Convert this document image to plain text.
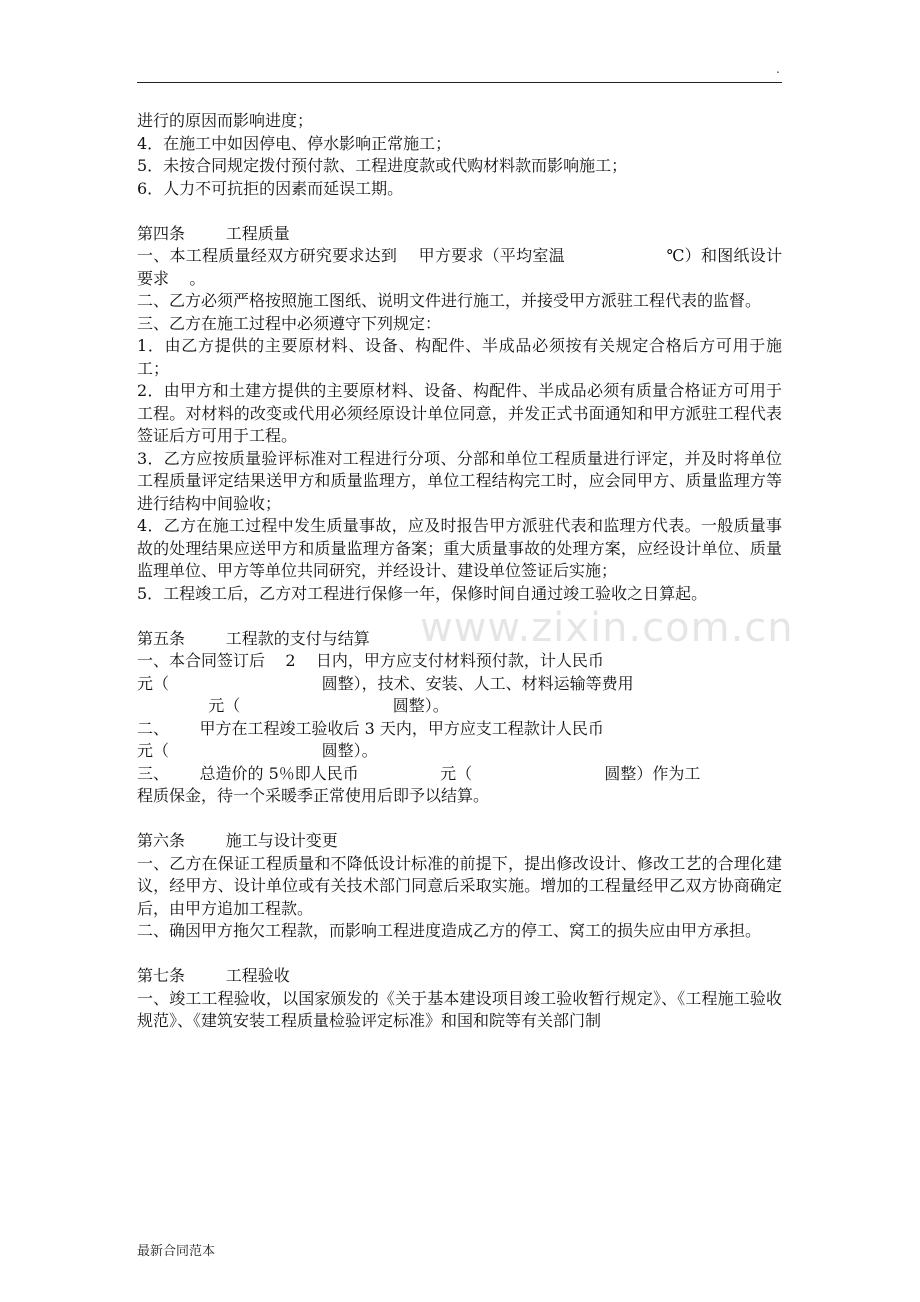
.

进行的原因而影响进度；

4．在施工中如因停电、停水影响正常施工；

5．未按合同规定拨付预付款、工程进度款或代购材料款而影响施工；

6．人力不可抗拒的因素而延误工期。

第四条        工程质量

一、本工程质量经双方研究要求达到    甲方要求（平均室温                   ℃）和图纸设计要求    。

二、乙方必须严格按照施工图纸、说明文件进行施工，并接受甲方派驻工程代表的监督。

三、乙方在施工过程中必须遵守下列规定：

1．由乙方提供的主要原材料、设备、构配件、半成品必须按有关规定合格后方可用于施工；

2．由甲方和土建方提供的主要原材料、设备、构配件、半成品必须有质量合格证方可用于工程。对材料的改变或代用必须经原设计单位同意，并发正式书面通知和甲方派驻工程代表签证后方可用于工程。

3．乙方应按质量验评标准对工程进行分项、分部和单位工程质量进行评定，并及时将单位工程质量评定结果送甲方和质量监理方，单位工程结构完工时，应会同甲方、质量监理方等进行结构中间验收；

4．乙方在施工过程中发生质量事故，应及时报告甲方派驻代表和监理方代表。一般质量事故的处理结果应送甲方和质量监理方备案；重大质量事故的处理方案，应经设计单位、质量监理单位、甲方等单位共同研究，并经设计、建设单位签证后实施；

5．工程竣工后，乙方对工程进行保修一年，保修时间自通过竣工验收之日算起。

第五条        工程款的支付与结算

一、本合同签订后    2    日内，甲方应支付材料预付款，计人民币

元（                              圆整），技术、安装、人工、材料运输等费用

元（                              圆整）。

二、      甲方在工程竣工验收后 3 天内，甲方应支工程款计人民币

元（                              圆整）。

三、      总造价的 5％即人民币                元（                          圆整）作为工

程质保金，待一个采暖季正常使用后即予以结算。

第六条        施工与设计变更

一、乙方在保证工程质量和不降低设计标准的前提下，提出修改设计、修改工艺的合理化建议，经甲方、设计单位或有关技术部门同意后采取实施。增加的工程量经甲乙双方协商确定后，由甲方追加工程款。

二、确因甲方拖欠工程款，而影响工程进度造成乙方的停工、窝工的损失应由甲方承担。

第七条        工程验收

一、竣工工程验收，以国家颁发的《关于基本建设项目竣工验收暂行规定》、《工程施工验收规范》、《建筑安装工程质量检验评定标准》和国和院等有关部门制

www.zixin.com.cn
最新合同范本
